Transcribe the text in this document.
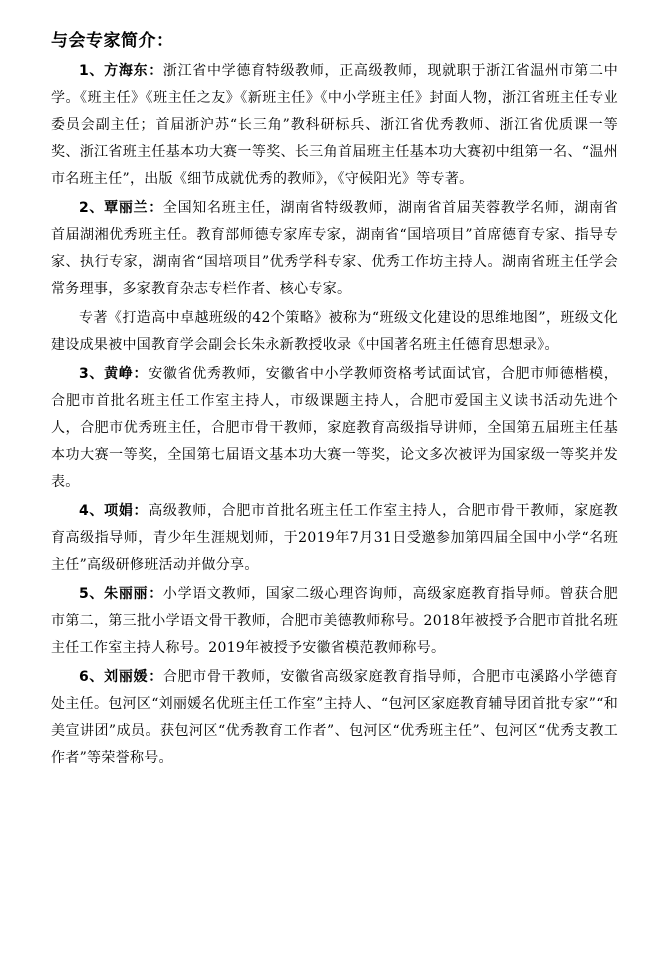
与会专家简介：

1、方海东：浙江省中学德育特级教师，正高级教师，现就职于浙江省温州市第二中学。《班主任》《班主任之友》《新班主任》《中小学班主任》封面人物，浙江省班主任专业委员会副主任；首届浙沪苏“长三角”教科研标兵、浙江省优秀教师、浙江省优质课一等奖、浙江省班主任基本功大赛一等奖、长三角首届班主任基本功大赛初中组第一名、“温州市名班主任”，出版《细节成就优秀的教师》，《守候阳光》等专著。

2、覃丽兰：全国知名班主任，湖南省特级教师，湖南省首届芙蓉教学名师，湖南省首届湖湘优秀班主任。教育部师德专家库专家，湖南省“国培项目”首席德育专家、指导专家、执行专家，湖南省“国培项目”优秀学科专家、优秀工作坊主持人。湖南省班主任学会常务理事，多家教育杂志专栏作者、核心专家。

专著《打造高中卓越班级的42个策略》被称为“班级文化建设的思维地图”，班级文化建设成果被中国教育学会副会长朱永新教授收录《中国著名班主任德育思想录》。

3、黄峥：安徽省优秀教师，安徽省中小学教师资格考试面试官，合肥市师德楷模，合肥市首批名班主任工作室主持人，市级课题主持人，合肥市爱国主义读书活动先进个人，合肥市优秀班主任，合肥市骨干教师，家庭教育高级指导讲师，全国第五届班主任基本功大赛一等奖，全国第七届语文基本功大赛一等奖，论文多次被评为国家级一等奖并发表。

4、项娟：高级教师，合肥市首批名班主任工作室主持人，合肥市骨干教师，家庭教育高级指导师，青少年生涯规划师，于2019年7月31日受邀参加第四届全国中小学“名班主任”高级研修班活动并做分享。

5、朱丽丽：小学语文教师，国家二级心理咨询师，高级家庭教育指导师。曾获合肥市第二，第三批小学语文骨干教师，合肥市美德教师称号。2018年被授予合肥市首批名班主任工作室主持人称号。2019年被授予安徽省模范教师称号。

6、刘丽媛：合肥市骨干教师，安徽省高级家庭教育指导师，合肥市屯溪路小学德育处主任。包河区“刘丽媛名优班主任工作室”主持人、“包河区家庭教育辅导团首批专家”“和美宣讲团”成员。获包河区“优秀教育工作者”、包河区“优秀班主任”、包河区“优秀支教工作者”等荣誉称号。
